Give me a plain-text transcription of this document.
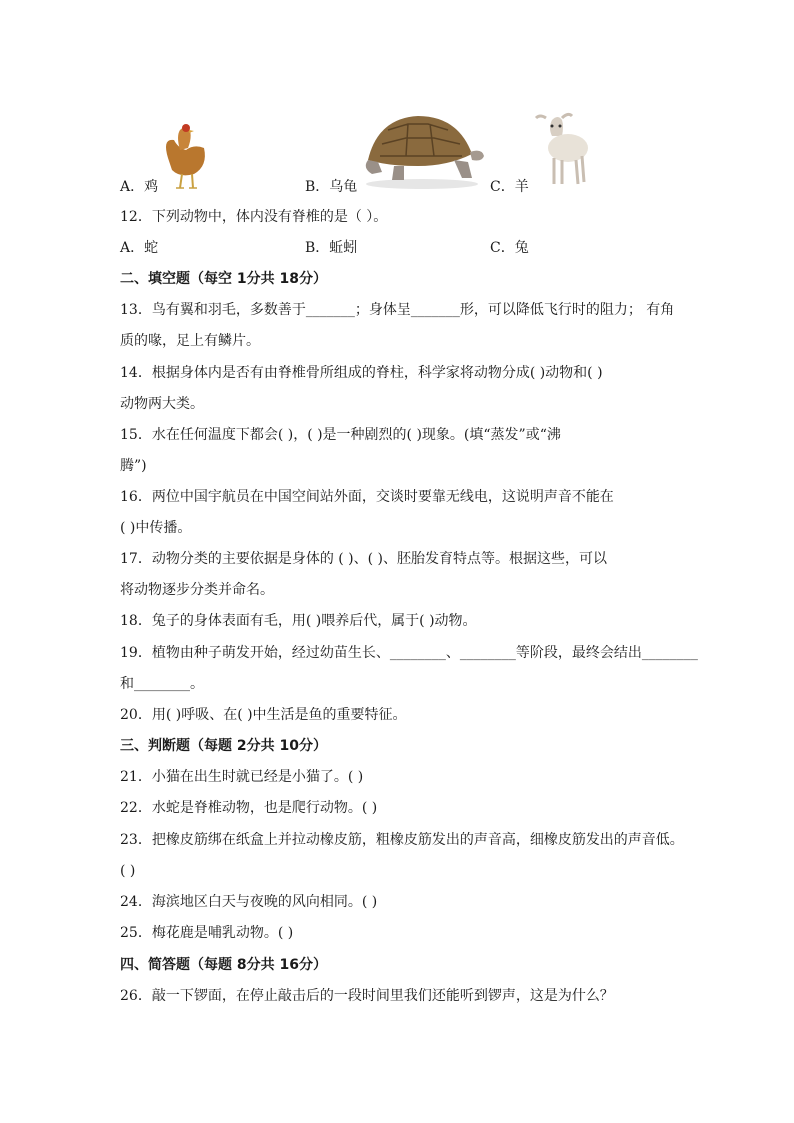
A．鸡	B．乌龟	C．羊
12．下列动物中，体内没有脊椎的是（ ）。
A．蛇	B．蚯蚓	C．兔
二、填空题（每空 1分共 18分）
13．鸟有翼和羽毛，多数善于_______；身体呈_______形，可以降低飞行时的阻力； 有角
质的喙，足上有鳞片。
14．根据身体内是否有由脊椎骨所组成的脊柱，科学家将动物分成( )动物和( )
动物两大类。
15．水在任何温度下都会( )，( )是一种剧烈的( )现象。(填“蒸发”或“沸
腾”)
16．两位中国宇航员在中国空间站外面，交谈时要靠无线电，这说明声音不能在
( )中传播。
17．动物分类的主要依据是身体的 ( )、( )、胚胎发育特点等。根据这些，可以
将动物逐步分类并命名。
18．兔子的身体表面有毛，用( )喂养后代，属于( )动物。
19．植物由种子萌发开始，经过幼苗生长、________、________等阶段，最终会结出________
和________。
20．用( )呼吸、在( )中生活是鱼的重要特征。
三、判断题（每题 2分共 10分）
21．小猫在出生时就已经是小猫了。( )
22．水蛇是脊椎动物，也是爬行动物。( )
23．把橡皮筋绑在纸盒上并拉动橡皮筋，粗橡皮筋发出的声音高，细橡皮筋发出的声音低。
( )
24．海滨地区白天与夜晚的风向相同。( )
25．梅花鹿是哺乳动物。( )
四、简答题（每题 8分共 16分）
26．敲一下锣面，在停止敲击后的一段时间里我们还能听到锣声，这是为什么？
